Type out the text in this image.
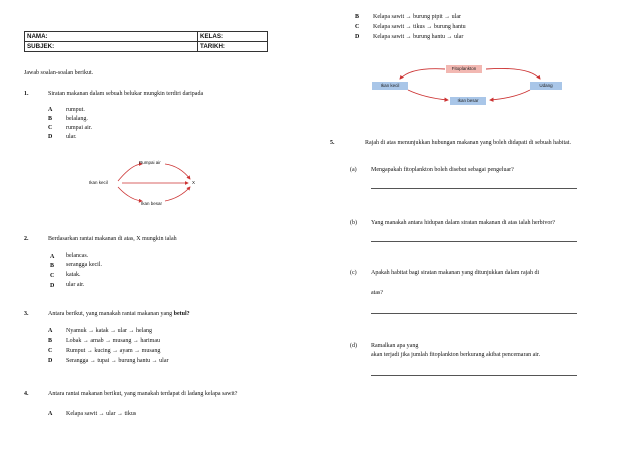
NAMA:	KELAS:
SUBJEK:	TARIKH:
Jawab soalan-soalan berikut.
1.	Siratan makanan dalam sebuah belukar mungkin terdiri daripada
A rumput.
B belalang.
C rumpai air.
D ular.
Rumpai air
Ikan kecil
Ikan besar
X
2.	Berdasarkan rantai makanan di atas, X mungkin ialah
A belancas.
B serangga kecil.
C katak.
D ular air.
3.	Antara berikut, yang manakah rantai makanan yang betul?
A Nyamuk → katak → ular → helang
B Lobak → arnab → musang → harimau
C Rumput → kucing → ayam → musang
D Serangga → tupai → burung hantu → ular
4.	Antara rantai makanan berikut, yang manakah terdapat di ladang kelapa sawit?
A Kelapa sawit → ular → tikus
B Kelapa sawit → burung pipit → ular
C Kelapa sawit → tikus → burung hantu
D Kelapa sawit → burung hantu → ular
Fitoplankton
Ikan kecil	Udang
Ikan besar
5.	Rajah di atas menunjukkan hubungan makanan yang boleh didapati di sebuah habitat.
(a) Mengapakah fitoplankton boleh disebut sebagai pengeluar?
(b) Yang manakah antara hidupan dalam siratan makanan di atas ialah herbivor?
(c) Apakah habitat bagi siratan makanan yang ditunjukkan dalam rajah di
atas?
(d) Ramalkan apa yang
akan terjadi jika jumlah fitoplankton berkurang akibat pencemaran air.
